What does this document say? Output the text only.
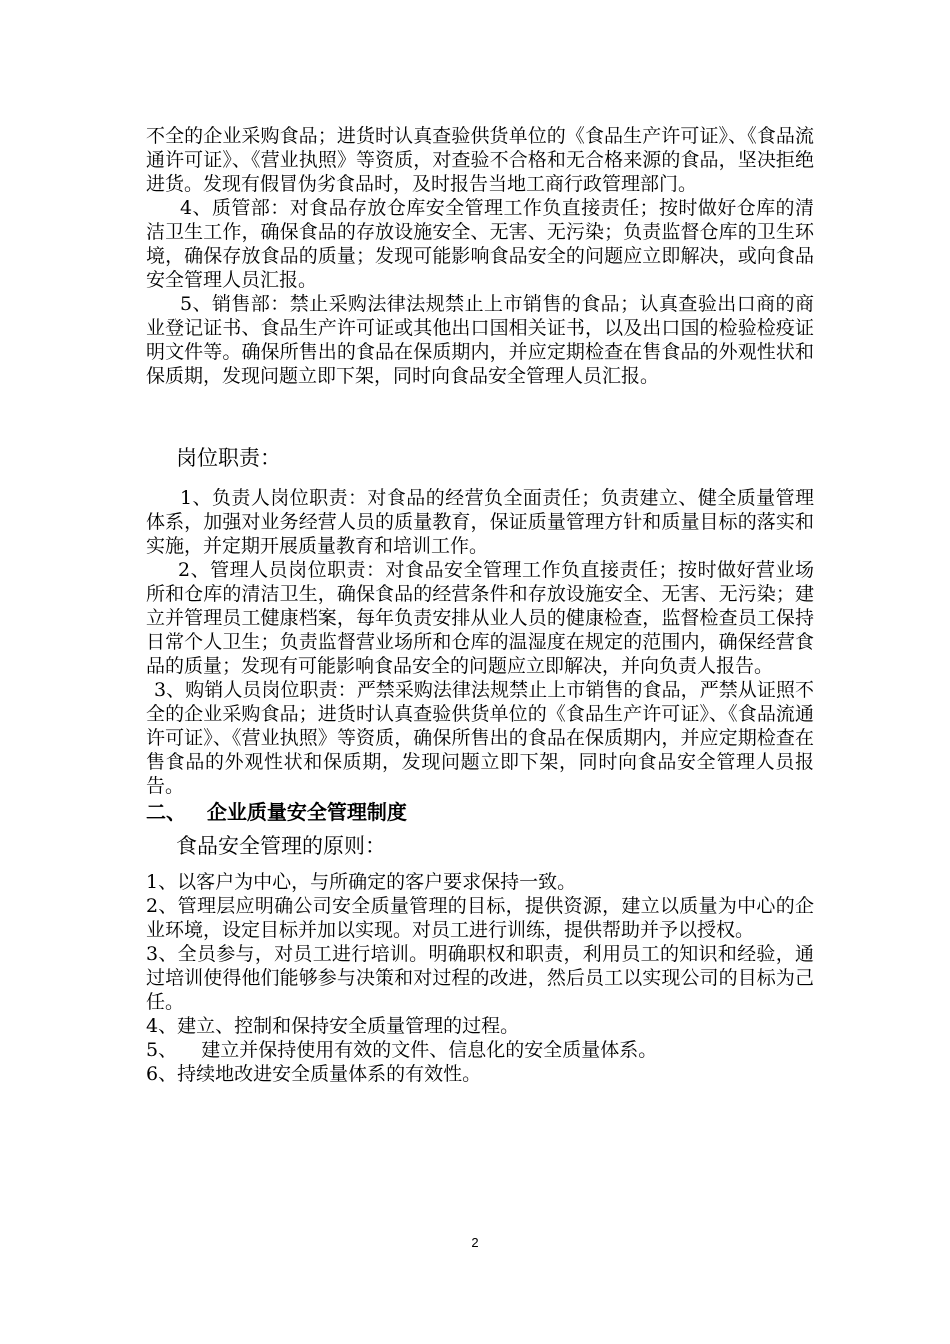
不全的企业采购食品；进货时认真查验供货单位的《食品生产许可证》、《食品流通许可证》、《营业执照》等资质，对查验不合格和无合格来源的食品，坚决拒绝进货。发现有假冒伪劣食品时，及时报告当地工商行政管理部门。

4、质管部：对食品存放仓库安全管理工作负直接责任；按时做好仓库的清洁卫生工作，确保食品的存放设施安全、无害、无污染；负责监督仓库的卫生环境，确保存放食品的质量；发现可能影响食品安全的问题应立即解决，或向食品安全管理人员汇报。

5、销售部：禁止采购法律法规禁止上市销售的食品；认真查验出口商的商业登记证书、食品生产许可证或其他出口国相关证书，以及出口国的检验检疫证明文件等。确保所售出的食品在保质期内，并应定期检查在售食品的外观性状和保质期，发现问题立即下架，同时向食品安全管理人员汇报。

岗位职责：

1、负责人岗位职责：对食品的经营负全面责任；负责建立、健全质量管理体系，加强对业务经营人员的质量教育，保证质量管理方针和质量目标的落实和实施，并定期开展质量教育和培训工作。

2、管理人员岗位职责：对食品安全管理工作负直接责任；按时做好营业场所和仓库的清洁卫生，确保食品的经营条件和存放设施安全、无害、无污染；建立并管理员工健康档案，每年负责安排从业人员的健康检查，监督检查员工保持日常个人卫生；负责监督营业场所和仓库的温湿度在规定的范围内，确保经营食品的质量；发现有可能影响食品安全的问题应立即解决，并向负责人报告。

3、购销人员岗位职责：严禁采购法律法规禁止上市销售的食品，严禁从证照不全的企业采购食品；进货时认真查验供货单位的《食品生产许可证》、《食品流通许可证》、《营业执照》等资质，确保所售出的食品在保质期内，并应定期检查在售食品的外观性状和保质期，发现问题立即下架，同时向食品安全管理人员报告。

二、   企业质量安全管理制度

食品安全管理的原则：

1、以客户为中心，与所确定的客户要求保持一致。

2、管理层应明确公司安全质量管理的目标，提供资源，建立以质量为中心的企业环境，设定目标并加以实现。对员工进行训练，提供帮助并予以授权。

3、全员参与，对员工进行培训。明确职权和职责，利用员工的知识和经验，通过培训使得他们能够参与决策和对过程的改进，然后员工以实现公司的目标为己任。

4、建立、控制和保持安全质量管理的过程。

5、    建立并保持使用有效的文件、信息化的安全质量体系。

6、持续地改进安全质量体系的有效性。

2
